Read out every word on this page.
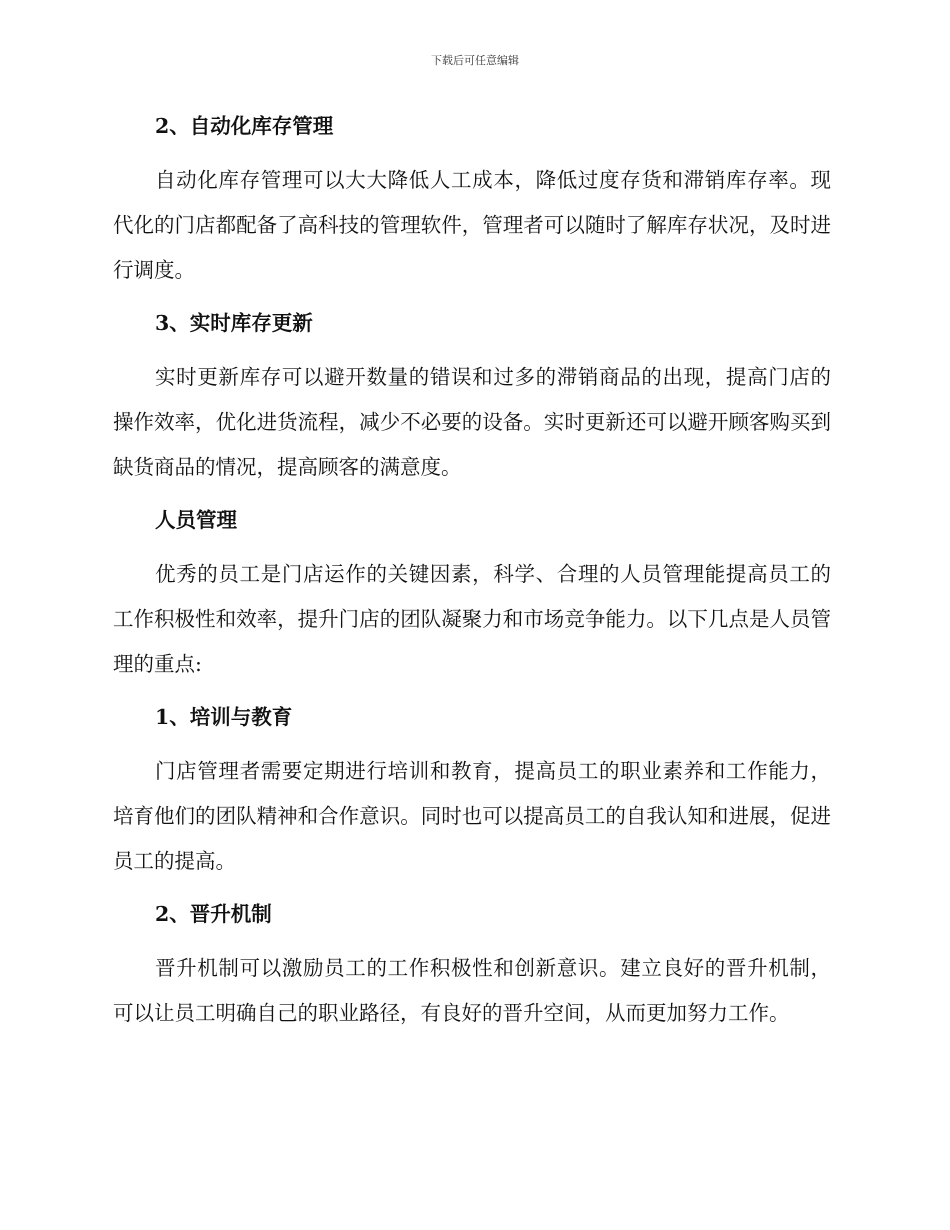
下载后可任意编辑
2、自动化库存管理

自动化库存管理可以大大降低人工成本，降低过度存货和滞销库存率。现代化的门店都配备了高科技的管理软件，管理者可以随时了解库存状况，及时进行调度。

3、实时库存更新

实时更新库存可以避开数量的错误和过多的滞销商品的出现，提高门店的操作效率，优化进货流程，减少不必要的设备。实时更新还可以避开顾客购买到缺货商品的情况，提高顾客的满意度。

人员管理

优秀的员工是门店运作的关键因素，科学、合理的人员管理能提高员工的工作积极性和效率，提升门店的团队凝聚力和市场竞争能力。以下几点是人员管理的重点:

1、培训与教育

门店管理者需要定期进行培训和教育，提高员工的职业素养和工作能力，培育他们的团队精神和合作意识。同时也可以提高员工的自我认知和进展，促进员工的提高。

2、晋升机制

晋升机制可以激励员工的工作积极性和创新意识。建立良好的晋升机制，可以让员工明确自己的职业路径，有良好的晋升空间，从而更加努力工作。
